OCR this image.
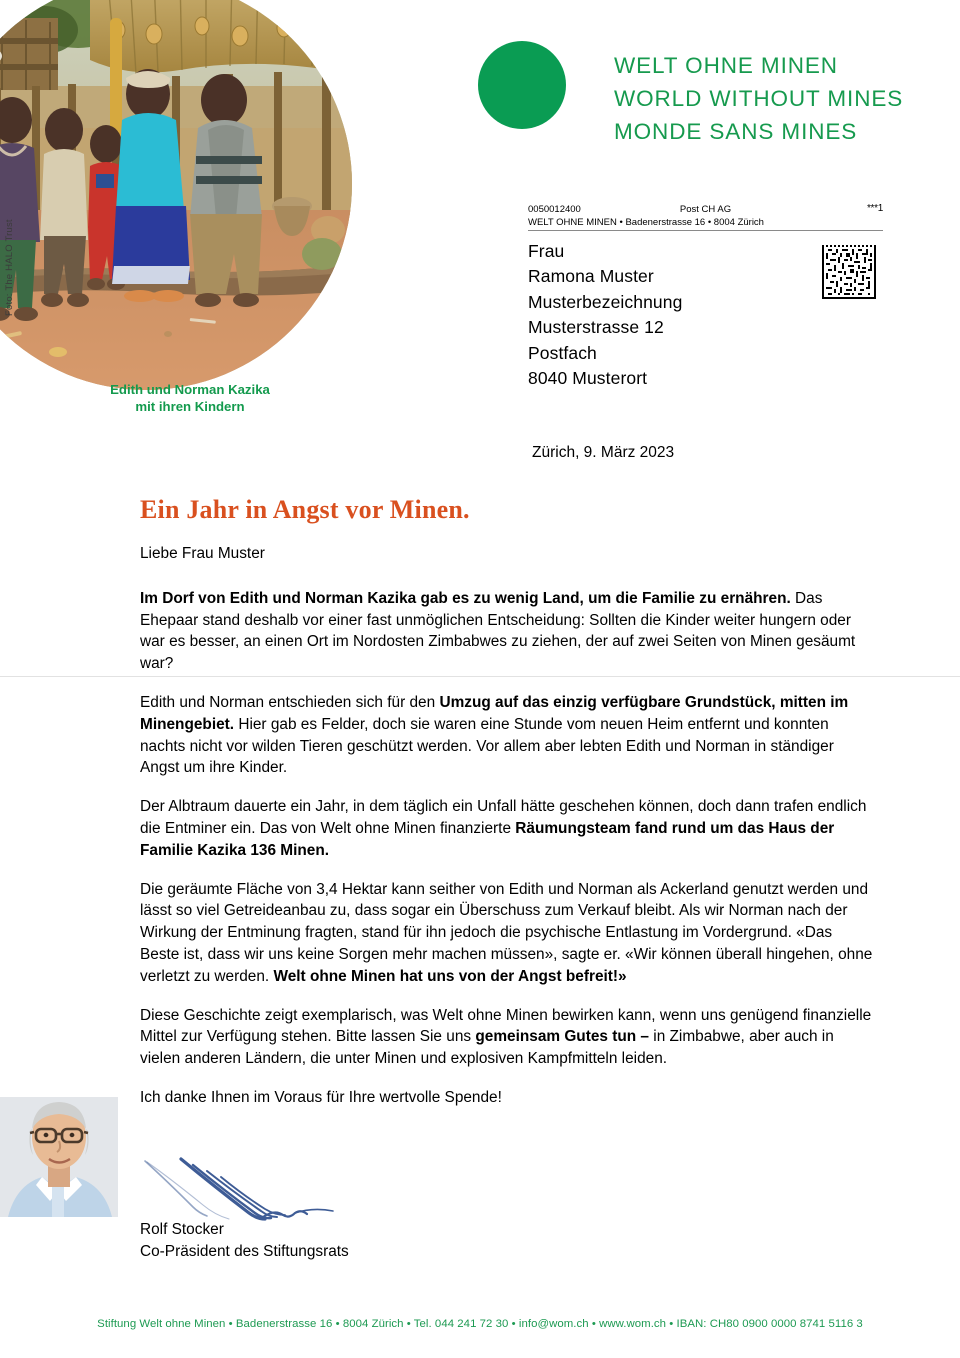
Edith und Norman Kazika
mit ihren Kindern
WELT OHNE MINEN
WORLD WITHOUT MINES
MONDE SANS MINES
0050012400	Post CH AG	***1
WELT OHNE MINEN • Badenerstrasse 16 • 8004 Zürich
Frau
Ramona Muster
Musterbezeichnung
Musterstrasse 12
Postfach
8040 Musterort
Zürich, 9. März 2023
Ein Jahr in Angst vor Minen.

Liebe Frau Muster

Im Dorf von Edith und Norman Kazika gab es zu wenig Land, um die Familie zu ernähren. Das Ehepaar stand deshalb vor einer fast unmöglichen Entscheidung: Sollten die Kinder weiter hungern oder war es besser, an einen Ort im Nordosten Zimbabwes zu ziehen, der auf zwei Seiten von Minen gesäumt war?

Edith und Norman entschieden sich für den Umzug auf das einzig verfügbare Grundstück, mitten im Minengebiet. Hier gab es Felder, doch sie waren eine Stunde vom neuen Heim entfernt und konnten nachts nicht vor wilden Tieren geschützt werden. Vor allem aber lebten Edith und Norman in ständiger Angst um ihre Kinder.

Der Albtraum dauerte ein Jahr, in dem täglich ein Unfall hätte geschehen können, doch dann trafen endlich die Entminer ein. Das von Welt ohne Minen finanzierte Räumungsteam fand rund um das Haus der Familie Kazika 136 Minen.

Die geräumte Fläche von 3,4 Hektar kann seither von Edith und Norman als Ackerland genutzt werden und lässt so viel Getreideanbau zu, dass sogar ein Überschuss zum Verkauf bleibt. Als wir Norman nach der Wirkung der Entminung fragten, stand für ihn jedoch die psychische Entlastung im Vordergrund. «Das Beste ist, dass wir uns keine Sorgen mehr machen müssen», sagte er. «Wir können überall hingehen, ohne verletzt zu werden. Welt ohne Minen hat uns von der Angst befreit!»

Diese Geschichte zeigt exemplarisch, was Welt ohne Minen bewirken kann, wenn uns genügend finanzielle Mittel zur Verfügung stehen. Bitte lassen Sie uns gemeinsam Gutes tun – in Zimbabwe, aber auch in vielen anderen Ländern, die unter Minen und explosiven Kampfmitteln leiden.

Ich danke Ihnen im Voraus für Ihre wertvolle Spende!

Rolf Stocker
Co-Präsident des Stiftungsrats
Stiftung Welt ohne Minen • Badenerstrasse 16 • 8004 Zürich • Tel. 044 241 72 30 • info@wom.ch • www.wom.ch • IBAN: CH80 0900 0000 8741 5116 3
